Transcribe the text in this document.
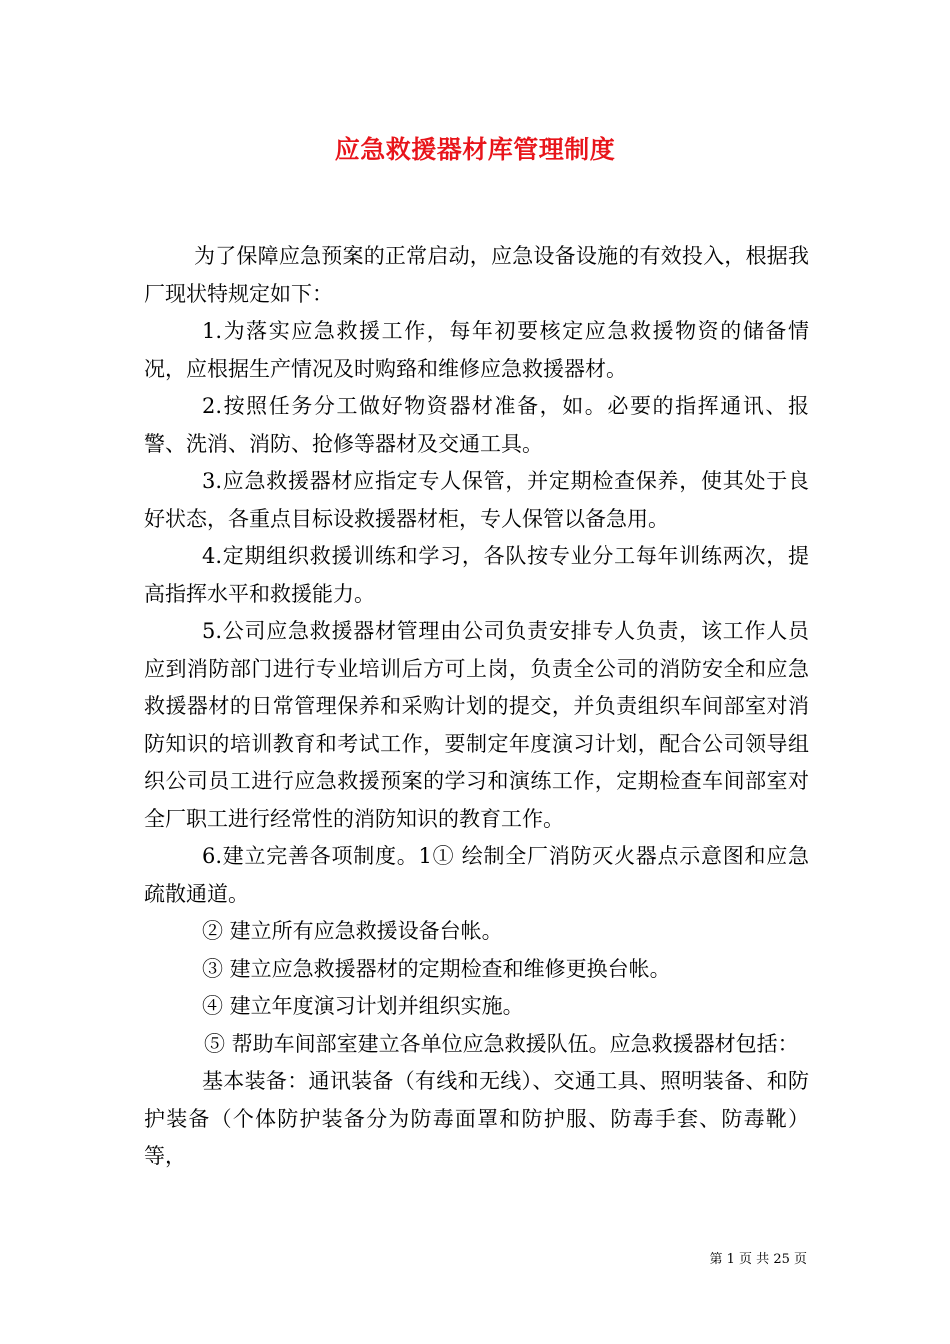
应急救援器材库管理制度

为了保障应急预案的正常启动，应急设备设施的有效投入，根据我厂现状特规定如下：

1.为落实应急救援工作，每年初要核定应急救援物资的储备情况，应根据生产情况及时购臵和维修应急救援器材。

2.按照任务分工做好物资器材准备，如。必要的指挥通讯、报警、洗消、消防、抢修等器材及交通工具。

3.应急救援器材应指定专人保管，并定期检查保养，使其处于良好状态，各重点目标设救援器材柜，专人保管以备急用。

4.定期组织救援训练和学习，各队按专业分工每年训练两次，提高指挥水平和救援能力。

5.公司应急救援器材管理由公司负责安排专人负责，该工作人员应到消防部门进行专业培训后方可上岗，负责全公司的消防安全和应急救援器材的日常管理保养和采购计划的提交，并负责组织车间部室对消防知识的培训教育和考试工作，要制定年度演习计划，配合公司领导组织公司员工进行应急救援预案的学习和演练工作，定期检查车间部室对全厂职工进行经常性的消防知识的教育工作。

6.建立完善各项制度。1① 绘制全厂消防灭火器点示意图和应急疏散通道。

② 建立所有应急救援设备台帐。

③ 建立应急救援器材的定期检查和维修更换台帐。

④ 建立年度演习计划并组织实施。

⑤ 帮助车间部室建立各单位应急救援队伍。应急救援器材包括：

基本装备：通讯装备（有线和无线）、交通工具、照明装备、和防护装备（个体防护装备分为防毒面罩和防护服、防毒手套、防毒靴）等，

第 1 页 共 25 页
